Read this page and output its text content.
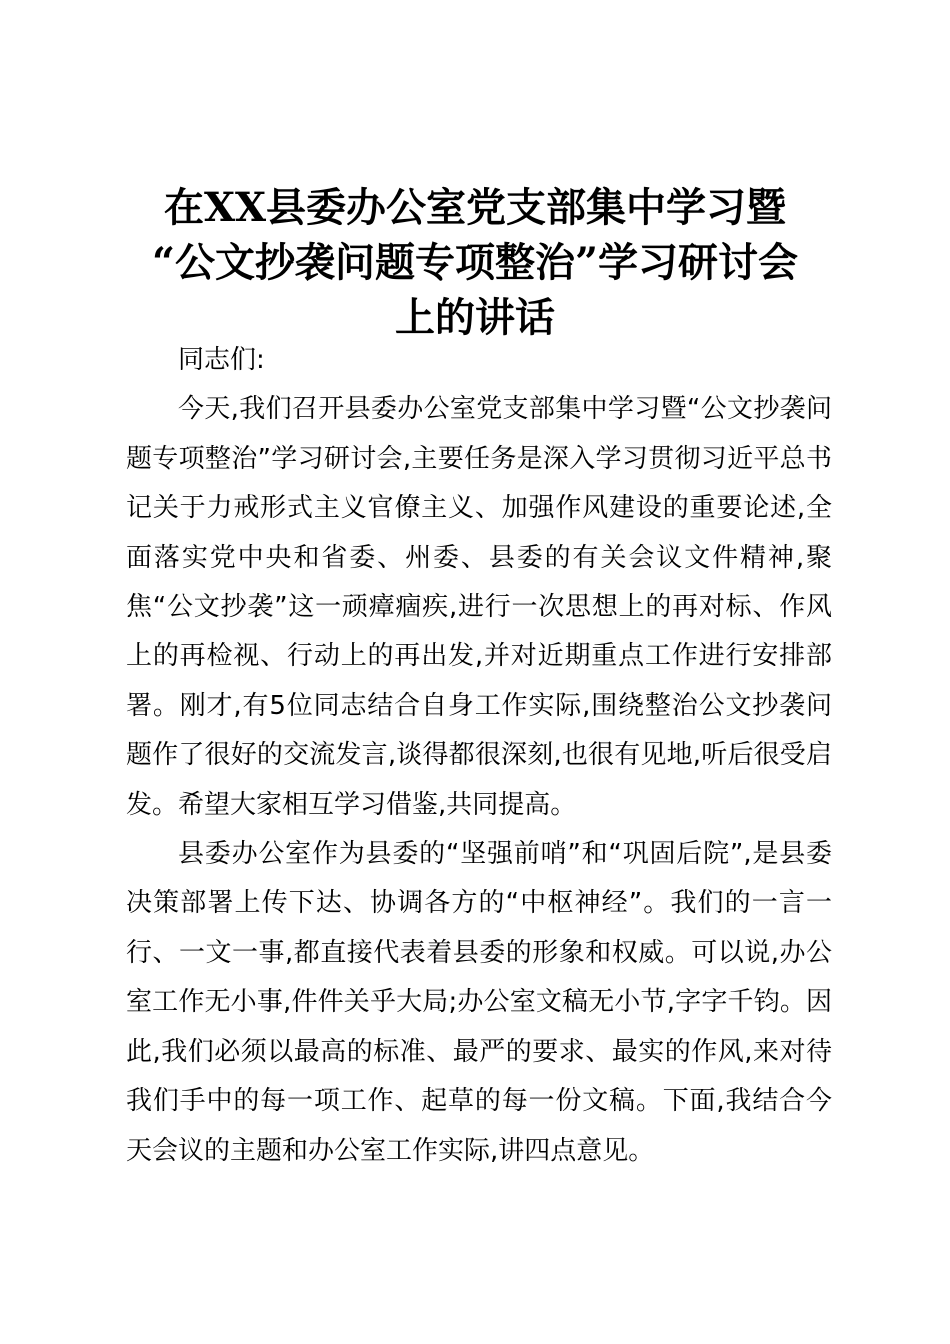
在XX县委办公室党支部集中学习暨
“公文抄袭问题专项整治”学习研讨会
上的讲话

同志们:

今天,我们召开县委办公室党支部集中学习暨“公文抄袭问题专项整治”学习研讨会,主要任务是深入学习贯彻习近平总书记关于力戒形式主义官僚主义、加强作风建设的重要论述,全面落实党中央和省委、州委、县委的有关会议文件精神,聚焦“公文抄袭”这一顽瘴痼疾,进行一次思想上的再对标、作风上的再检视、行动上的再出发,并对近期重点工作进行安排部署。刚才,有5位同志结合自身工作实际,围绕整治公文抄袭问题作了很好的交流发言,谈得都很深刻,也很有见地,听后很受启发。希望大家相互学习借鉴,共同提高。

县委办公室作为县委的“坚强前哨”和“巩固后院”,是县委决策部署上传下达、协调各方的“中枢神经”。我们的一言一行、一文一事,都直接代表着县委的形象和权威。可以说,办公室工作无小事,件件关乎大局;办公室文稿无小节,字字千钧。因此,我们必须以最高的标准、最严的要求、最实的作风,来对待我们手中的每一项工作、起草的每一份文稿。下面,我结合今天会议的主题和办公室工作实际,讲四点意见。
